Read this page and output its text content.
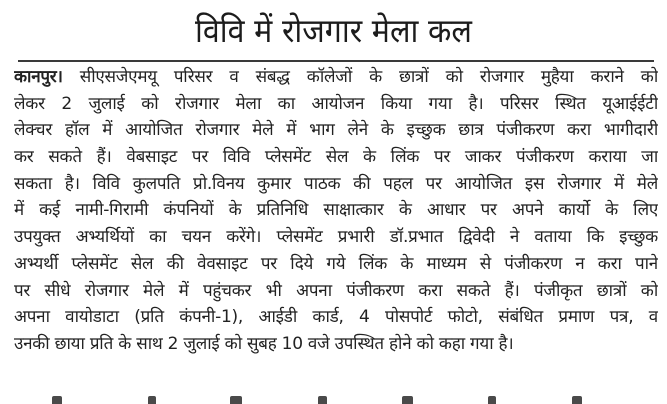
विवि में रोजगार मेला कल
कानपुर। सीएसजेएमयू परिसर व संबद्ध कॉलेजों के छात्रों को रोजगार मुहैया कराने को
लेकर 2 जुलाई को रोजगार मेला का आयोजन किया गया है। परिसर स्थित यूआईईटी
लेक्चर हॉल में आयोजित रोजगार मेले में भाग लेने के इच्छुक छात्र पंजीकरण करा भागीदारी
कर सकते हैं। वेबसाइट पर विवि प्लेसमेंट सेल के लिंक पर जाकर पंजीकरण कराया जा
सकता है। विवि कुलपति प्रो.विनय कुमार पाठक की पहल पर आयोजित इस रोजगार में मेले
में कई नामी-गिरामी कंपनियों के प्रतिनिधि साक्षात्कार के आधार पर अपने कार्यो के लिए
उपयुक्त अभ्यर्थियों का चयन करेंगे। प्लेसमेंट प्रभारी डॉ.प्रभात द्विवेदी ने वताया कि इच्छुक
अभ्यर्थी प्लेसमेंट सेल की वेवसाइट पर दिये गये लिंक के माध्यम से पंजीकरण न करा पाने
पर सीधे रोजगार मेले में पहुंचकर भी अपना पंजीकरण करा सकते हैं। पंजीकृत छात्रों को
अपना वायोडाटा (प्रति कंपनी-1), आईडी कार्ड, 4 पोसपोर्ट फोटो, संबंधित प्रमाण पत्र, व
उनकी छाया प्रति के साथ 2 जुलाई को सुबह 10 वजे उपस्थित होने को कहा गया है।
